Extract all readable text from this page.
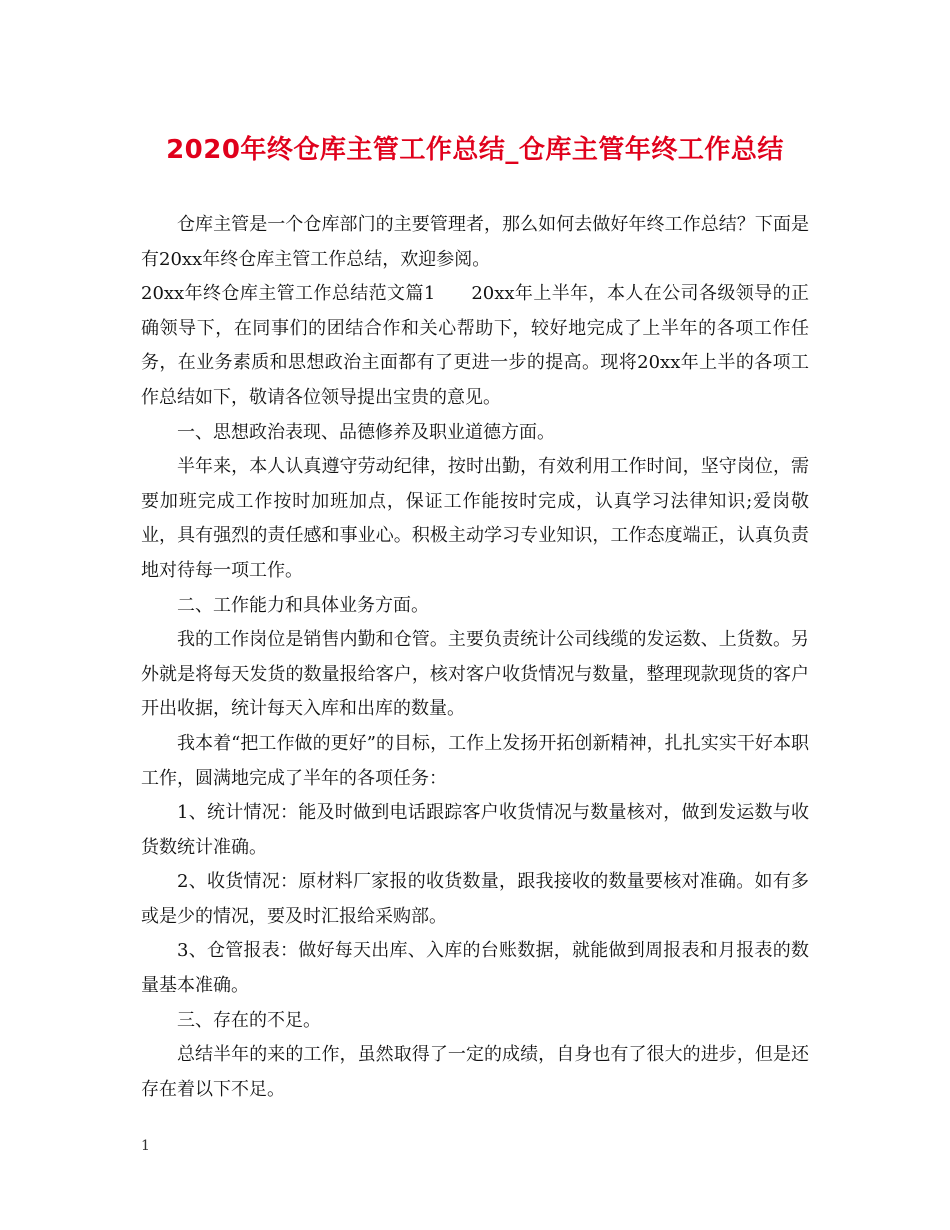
2020年终仓库主管工作总结_仓库主管年终工作总结

仓库主管是一个仓库部门的主要管理者，那么如何去做好年终工作总结？下面是有20xx年终仓库主管工作总结，欢迎参阅。

20xx年终仓库主管工作总结范文篇1 20xx年上半年，本人在公司各级领导的正确领导下，在同事们的团结合作和关心帮助下，较好地完成了上半年的各项工作任务，在业务素质和思想政治主面都有了更进一步的提高。现将20xx年上半的各项工作总结如下，敬请各位领导提出宝贵的意见。

一、思想政治表现、品德修养及职业道德方面。

半年来，本人认真遵守劳动纪律，按时出勤，有效利用工作时间，坚守岗位，需要加班完成工作按时加班加点，保证工作能按时完成，认真学习法律知识;爱岗敬业，具有强烈的责任感和事业心。积极主动学习专业知识，工作态度端正，认真负责地对待每一项工作。

二、工作能力和具体业务方面。

我的工作岗位是销售内勤和仓管。主要负责统计公司线缆的发运数、上货数。另外就是将每天发货的数量报给客户，核对客户收货情况与数量，整理现款现货的客户开出收据，统计每天入库和出库的数量。

我本着“把工作做的更好”的目标，工作上发扬开拓创新精神，扎扎实实干好本职工作，圆满地完成了半年的各项任务：

1、统计情况：能及时做到电话跟踪客户收货情况与数量核对，做到发运数与收货数统计准确。

2、收货情况：原材料厂家报的收货数量，跟我接收的数量要核对准确。如有多或是少的情况，要及时汇报给采购部。

3、仓管报表：做好每天出库、入库的台账数据，就能做到周报表和月报表的数量基本准确。

三、存在的不足。

总结半年的来的工作，虽然取得了一定的成绩，自身也有了很大的进步，但是还存在着以下不足。

1
